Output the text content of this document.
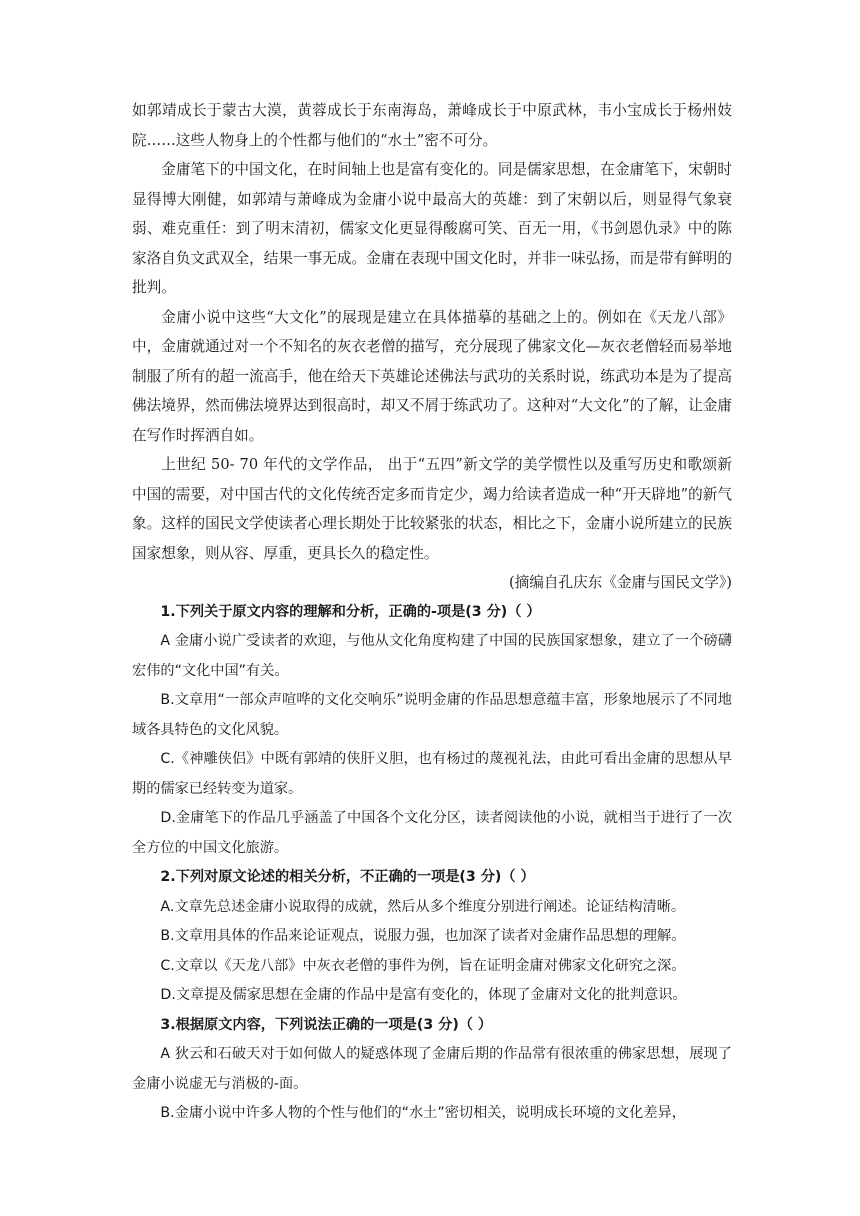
如郭靖成长于蒙古大漠，黄蓉成长于东南海岛，萧峰成长于中原武林，韦小宝成长于杨州妓院……这些人物身上的个性都与他们的“水土”密不可分。

金庸笔下的中国文化，在时间轴上也是富有变化的。同是儒家思想，在金庸笔下，宋朝时显得博大刚健，如郭靖与萧峰成为金庸小说中最高大的英雄：到了宋朝以后，则显得气象衰弱、难克重任：到了明末清初，儒家文化更显得酸腐可笑、百无一用，《书剑恩仇录》中的陈家洛自负文武双全，结果一事无成。金庸在表现中国文化时，并非一味弘扬，而是带有鲜明的批判。

金庸小说中这些“大文化”的展现是建立在具体描摹的基础之上的。例如在《天龙八部》中，金庸就通过对一个不知名的灰衣老僧的描写，充分展现了佛家文化—灰衣老僧轻而易举地制服了所有的超一流高手，他在给天下英雄论述佛法与武功的关系时说，练武功本是为了提高佛法境界，然而佛法境界达到很高时，却又不屑于练武功了。这种对“大文化”的了解，让金庸在写作时挥洒自如。

上世纪 50- 70 年代的文学作品， 出于“五四”新文学的美学惯性以及重写历史和歌颂新中国的需要，对中国古代的文化传统否定多而肯定少，竭力给读者造成一种“开天辟地”的新气象。这样的国民文学使读者心理长期处于比较紧张的状态，相比之下，金庸小说所建立的民族国家想象，则从容、厚重，更具长久的稳定性。

(摘编自孔庆东《金庸与国民文学》)

1.下列关于原文内容的理解和分析，正确的-项是(3 分)（ ）

A 金庸小说广受读者的欢迎，与他从文化角度构建了中国的民族国家想象，建立了一个磅礴宏伟的“文化中国”有关。

B.文章用“一部众声喧哗的文化交响乐”说明金庸的作品思想意蕴丰富，形象地展示了不同地域各具特色的文化风貌。

C.《神雕侠侣》中既有郭靖的侠肝义胆，也有杨过的蔑视礼法，由此可看出金庸的思想从早期的儒家已经转变为道家。

D.金庸笔下的作品几乎涵盖了中国各个文化分区，读者阅读他的小说，就相当于进行了一次全方位的中国文化旅游。

2.下列对原文论述的相关分析，不正确的一项是(3 分)（ ）

A.文章先总述金庸小说取得的成就，然后从多个维度分别进行阐述。论证结构清晰。

B.文章用具体的作品来论证观点，说服力强，也加深了读者对金庸作品思想的理解。

C.文章以《天龙八部》中灰衣老僧的事件为例，旨在证明金庸对佛家文化研究之深。

D.文章提及儒家思想在金庸的作品中是富有变化的，体现了金庸对文化的批判意识。

3.根据原文内容，下列说法正确的一项是(3 分)（ ）

A 狄云和石破天对于如何做人的疑惑体现了金庸后期的作品常有很浓重的佛家思想，展现了金庸小说虚无与消极的-面。

B.金庸小说中许多人物的个性与他们的“水土”密切相关，说明成长环境的文化差异，
